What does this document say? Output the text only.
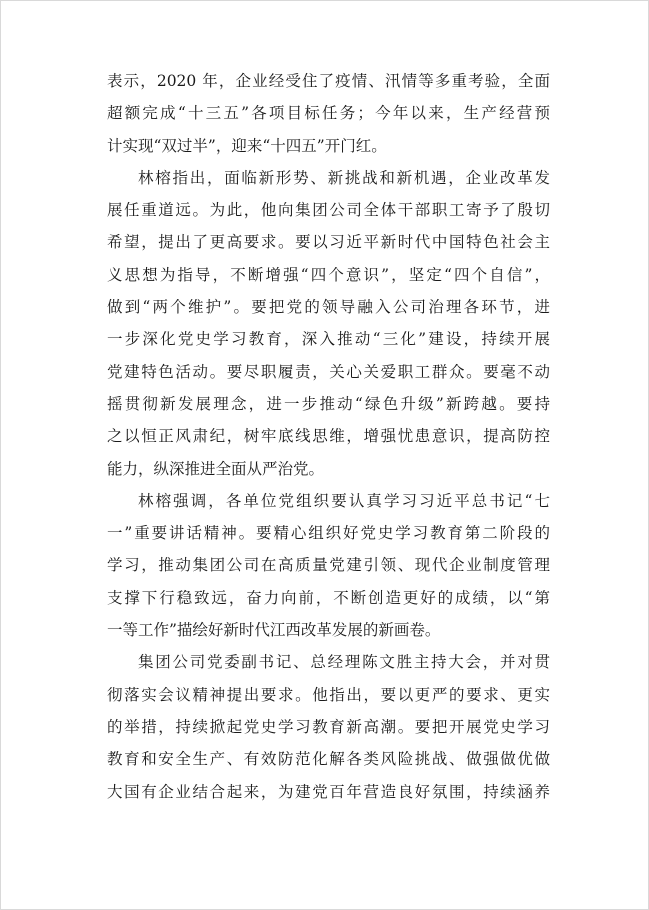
表示，2020 年，企业经受住了疫情、汛情等多重考验，全面
超额完成“十三五”各项目标任务；今年以来，生产经营预
计实现“双过半”，迎来“十四五”开门红。
林榕指出，面临新形势、新挑战和新机遇，企业改革发
展任重道远。为此，他向集团公司全体干部职工寄予了殷切
希望，提出了更高要求。要以习近平新时代中国特色社会主
义思想为指导，不断增强“四个意识”，坚定“四个自信”，
做到“两个维护”。要把党的领导融入公司治理各环节，进
一步深化党史学习教育，深入推动“三化”建设，持续开展
党建特色活动。要尽职履责，关心关爱职工群众。要毫不动
摇贯彻新发展理念，进一步推动“绿色升级”新跨越。要持
之以恒正风肃纪，树牢底线思维，增强忧患意识，提高防控
能力，纵深推进全面从严治党。
林榕强调，各单位党组织要认真学习习近平总书记“七
一”重要讲话精神。要精心组织好党史学习教育第二阶段的
学习，推动集团公司在高质量党建引领、现代企业制度管理
支撑下行稳致远，奋力向前，不断创造更好的成绩，以“第
一等工作”描绘好新时代江西改革发展的新画卷。
集团公司党委副书记、总经理陈文胜主持大会，并对贯
彻落实会议精神提出要求。他指出，要以更严的要求、更实
的举措，持续掀起党史学习教育新高潮。要把开展党史学习
教育和安全生产、有效防范化解各类风险挑战、做强做优做
大国有企业结合起来，为建党百年营造良好氛围，持续涵养
